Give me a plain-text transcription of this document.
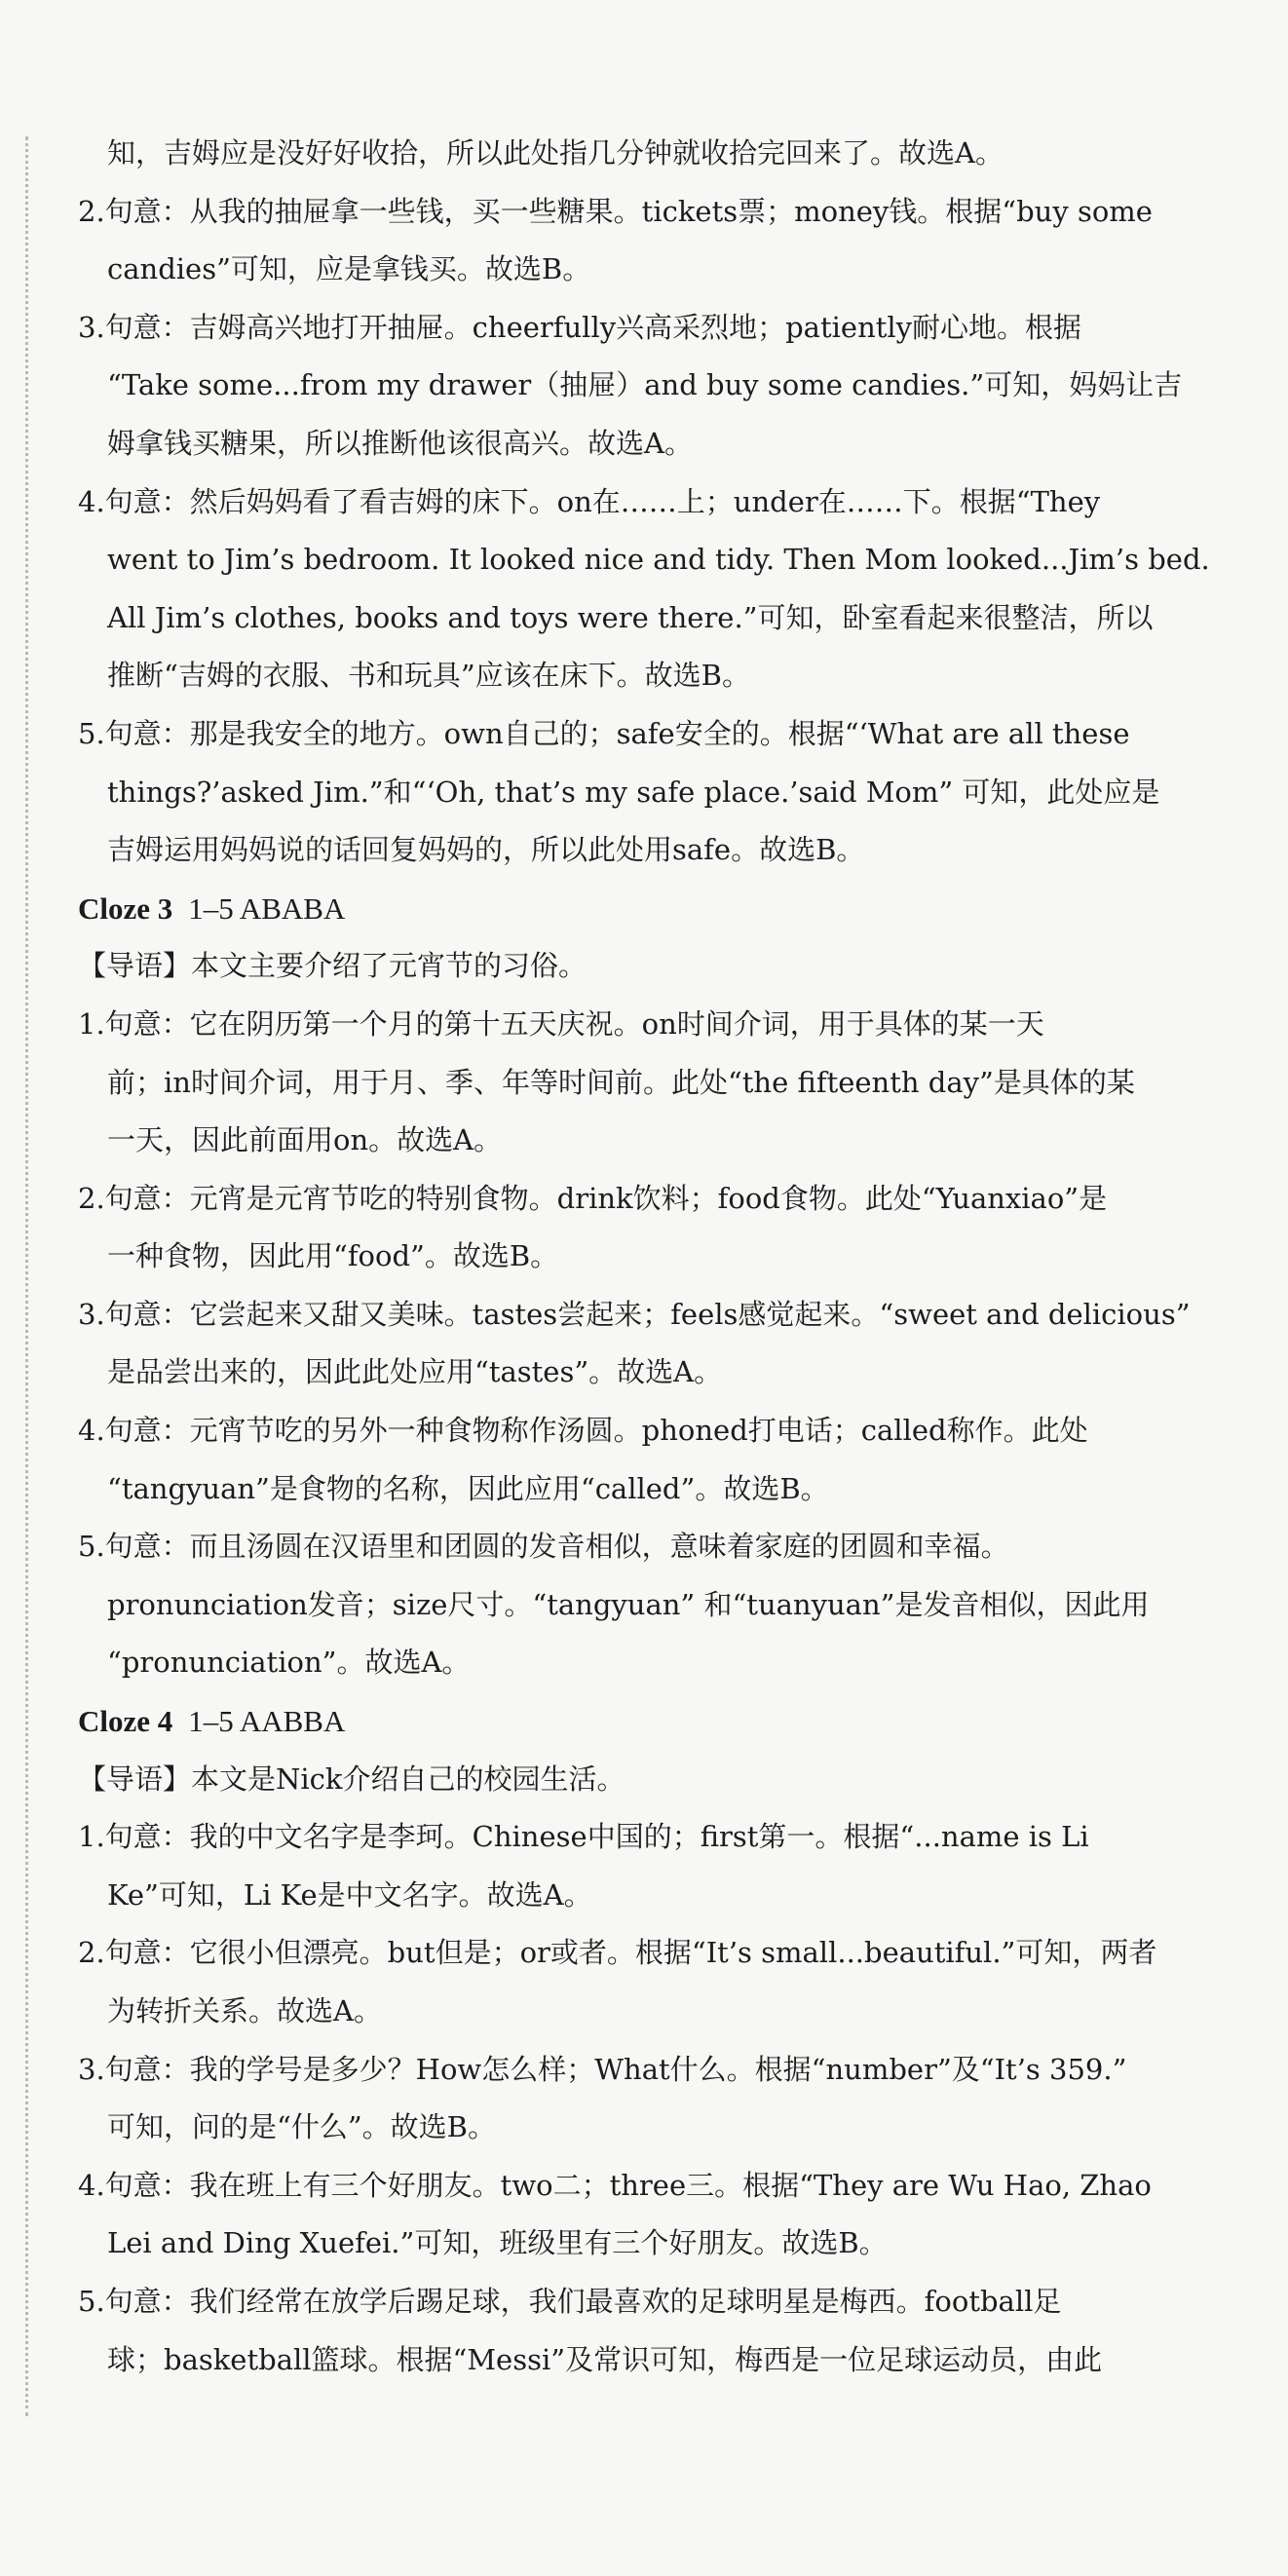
知，吉姆应是没好好收拾，所以此处指几分钟就收拾完回来了。故选A。
2.句意：从我的抽屉拿一些钱，买一些糖果。tickets票；money钱。根据“buy some
candies”可知，应是拿钱买。故选B。
3.句意：吉姆高兴地打开抽屉。cheerfully兴高采烈地；patiently耐心地。根据
“Take some...from my drawer（抽屉）and buy some candies.”可知，妈妈让吉
姆拿钱买糖果，所以推断他该很高兴。故选A。
4.句意：然后妈妈看了看吉姆的床下。on在……上；under在……下。根据“They
went to Jim’s bedroom. It looked nice and tidy. Then Mom looked...Jim’s bed.
All Jim’s clothes, books and toys were there.”可知，卧室看起来很整洁，所以
推断“吉姆的衣服、书和玩具”应该在床下。故选B。
5.句意：那是我安全的地方。own自己的；safe安全的。根据“‘What are all these
things?’asked Jim.”和“‘Oh, that’s my safe place.’said Mom” 可知，此处应是
吉姆运用妈妈说的话回复妈妈的，所以此处用safe。故选B。
Cloze 3 1–5 ABABA
【导语】本文主要介绍了元宵节的习俗。
1.句意：它在阴历第一个月的第十五天庆祝。on时间介词，用于具体的某一天
前；in时间介词，用于月、季、年等时间前。此处“the fifteenth day”是具体的某
一天，因此前面用on。故选A。
2.句意：元宵是元宵节吃的特别食物。drink饮料；food食物。此处“Yuanxiao”是
一种食物，因此用“food”。故选B。
3.句意：它尝起来又甜又美味。tastes尝起来；feels感觉起来。“sweet and delicious”
是品尝出来的，因此此处应用“tastes”。故选A。
4.句意：元宵节吃的另外一种食物称作汤圆。phoned打电话；called称作。此处
“tangyuan”是食物的名称，因此应用“called”。故选B。
5.句意：而且汤圆在汉语里和团圆的发音相似，意味着家庭的团圆和幸福。
pronunciation发音；size尺寸。“tangyuan” 和“tuanyuan”是发音相似，因此用
“pronunciation”。故选A。
Cloze 4 1–5 AABBA
【导语】本文是Nick介绍自己的校园生活。
1.句意：我的中文名字是李珂。Chinese中国的；first第一。根据“...name is Li
Ke”可知，Li Ke是中文名字。故选A。
2.句意：它很小但漂亮。but但是；or或者。根据“It’s small...beautiful.”可知，两者
为转折关系。故选A。
3.句意：我的学号是多少？How怎么样；What什么。根据“number”及“It’s 359.”
可知，问的是“什么”。故选B。
4.句意：我在班上有三个好朋友。two二；three三。根据“They are Wu Hao, Zhao
Lei and Ding Xuefei.”可知，班级里有三个好朋友。故选B。
5.句意：我们经常在放学后踢足球，我们最喜欢的足球明星是梅西。football足
球；basketball篮球。根据“Messi”及常识可知，梅西是一位足球运动员，由此
